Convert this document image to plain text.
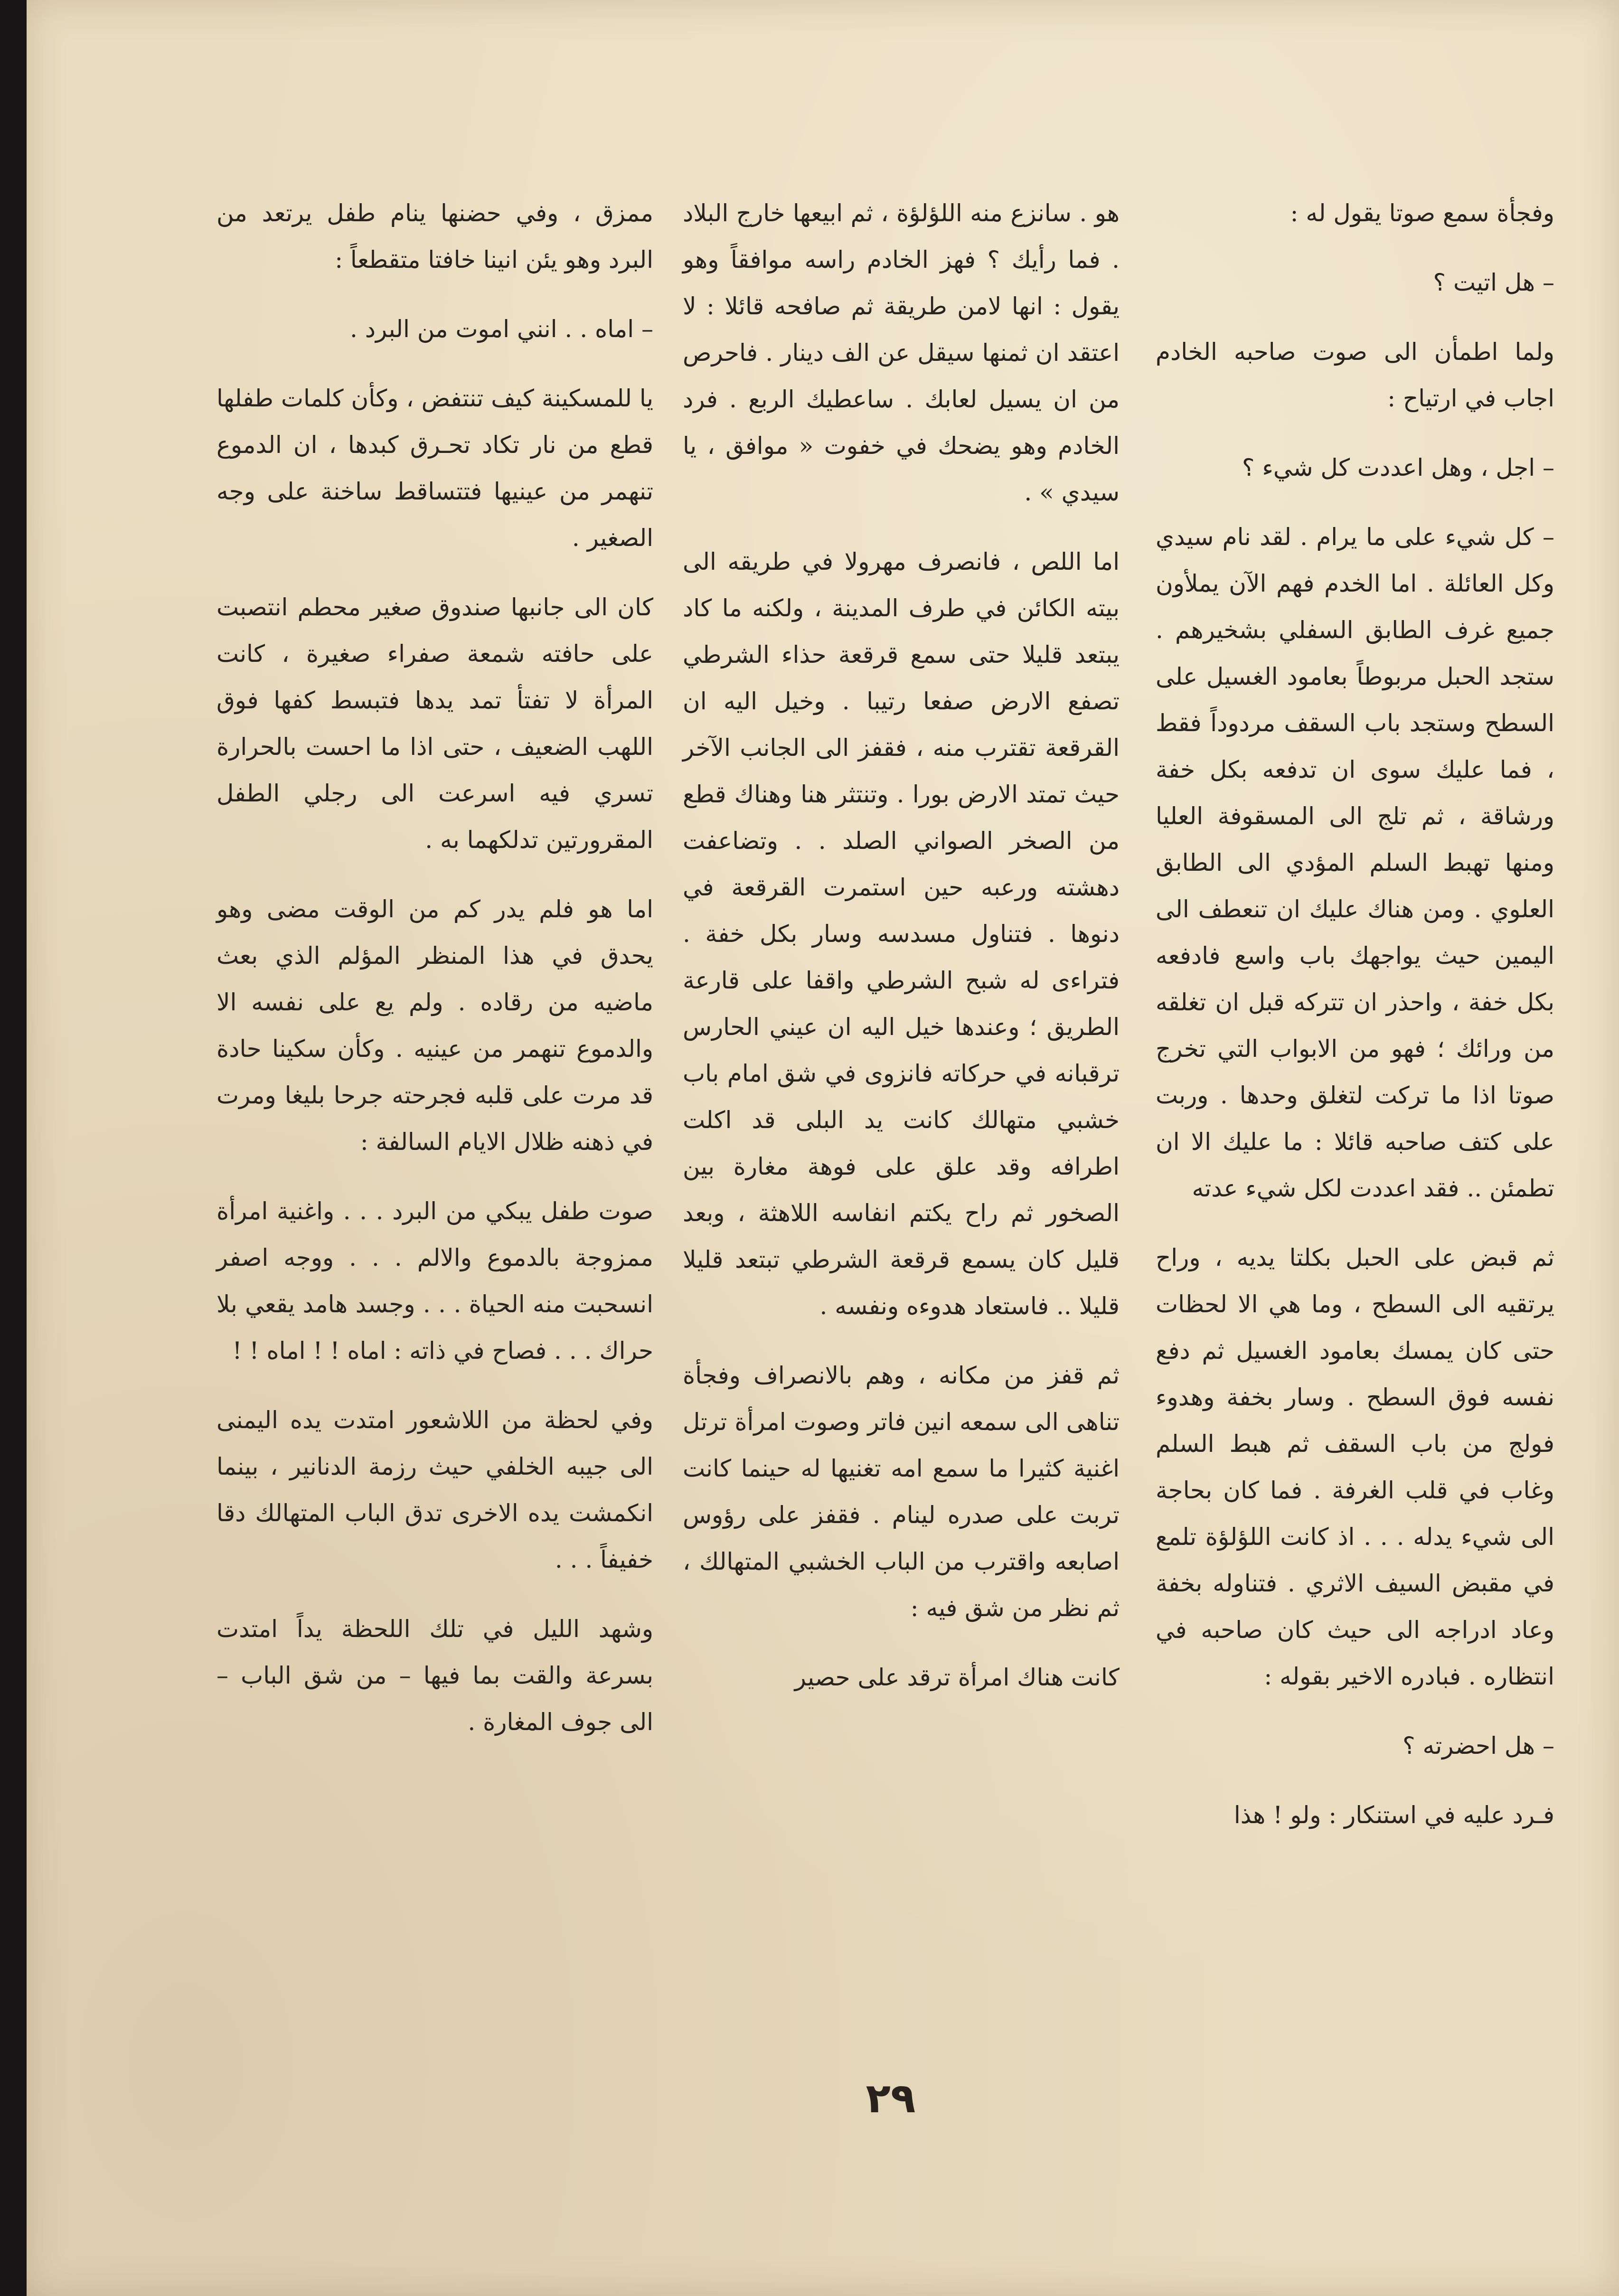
وفجأة سمع صوتا يقول له :

– هل اتيت ؟

ولما اطمأن الى صوت صاحبه الخادم اجاب في ارتياح :

– اجل ، وهل اعددت كل شيء ؟

– كل شيء على ما يرام . لقد نام سيدي وكل العائلة . اما الخدم فهم الآن يملأون جميع غرف الطابق السفلي بشخيرهم . ستجد الحبل مربوطاً بعامود الغسيل على السطح وستجد باب السقف مردوداً فقط ، فما عليك سوى ان تدفعه بكل خفة ورشاقة ، ثم تلج الى المسقوفة العليا ومنها تهبط السلم المؤدي الى الطابق العلوي . ومن هناك عليك ان تنعطف الى اليمين حيث يواجهك باب واسع فادفعه بكل خفة ، واحذر ان تتركه قبل ان تغلقه من ورائك ؛ فهو من الابواب التي تخرج صوتا اذا ما تركت لتغلق وحدها . وربت على كتف صاحبه قائلا : ما عليك الا ان تطمئن .. فقد اعددت لكل شيء عدته

ثم قبض على الحبل بكلتا يديه ، وراح يرتقيه الى السطح ، وما هي الا لحظات حتى كان يمسك بعامود الغسيل ثم دفع نفسه فوق السطح . وسار بخفة وهدوء فولج من باب السقف ثم هبط السلم وغاب في قلب الغرفة . فما كان بحاجة الى شيء يدله . . . اذ كانت اللؤلؤة تلمع في مقبض السيف الاثري . فتناوله بخفة وعاد ادراجه الى حيث كان صاحبه في انتظاره . فبادره الاخير بقوله :

– هل احضرته ؟

فـرد عليه في استنكار : ولو ! هذا

هو . سانزع منه اللؤلؤة ، ثم ابيعها خارج البلاد . فما رأيك ؟ فهز الخادم راسه موافقاً وهو يقول : انها لامن طريقة ثم صافحه قائلا : لا اعتقد ان ثمنها سيقل عن الف دينار . فاحرص من ان يسيل لعابك . ساعطيك الربع . فرد الخادم وهو يضحك في خفوت « موافق ، يا سيدي » .

اما اللص ، فانصرف مهرولا في طريقه الى بيته الكائن في طرف المدينة ، ولكنه ما كاد يبتعد قليلا حتى سمع قرقعة حذاء الشرطي تصفع الارض صفعا رتيبا . وخيل اليه ان القرقعة تقترب منه ، فقفز الى الجانب الآخر حيث تمتد الارض بورا . وتنتثر هنا وهناك قطع من الصخر الصواني الصلد . . وتضاعفت دهشته ورعبه حين استمرت القرقعة في دنوها . فتناول مسدسه وسار بكل خفة . فتراءى له شبح الشرطي واقفا على قارعة الطريق ؛ وعندها خيل اليه ان عيني الحارس ترقبانه في حركاته فانزوى في شق امام باب خشبي متهالك كانت يد البلى قد اكلت اطرافه وقد علق على فوهة مغارة بين الصخور ثم راح يكتم انفاسه اللاهثة ، وبعد قليل كان يسمع قرقعة الشرطي تبتعد قليلا قليلا .. فاستعاد هدوءه ونفسه .

ثم قفز من مكانه ، وهم بالانصراف وفجأة تناهى الى سمعه انين فاتر وصوت امرأة ترتل اغنية كثيرا ما سمع امه تغنيها له حينما كانت تربت على صدره لينام . فقفز على رؤوس اصابعه واقترب من الباب الخشبي المتهالك ، ثم نظر من شق فيه :

كانت هناك امرأة ترقد على حصير

ممزق ، وفي حضنها ينام طفل يرتعد من البرد وهو يئن انينا خافتا متقطعاً :

– اماه . . انني اموت من البرد .

يا للمسكينة كيف تنتفض ، وكأن كلمات طفلها قطع من نار تكاد تحـرق كبدها ، ان الدموع تنهمر من عينيها فتتساقط ساخنة على وجه الصغير .

كان الى جانبها صندوق صغير محطم انتصبت على حافته شمعة صفراء صغيرة ، كانت المرأة لا تفتأ تمد يدها فتبسط كفها فوق اللهب الضعيف ، حتى اذا ما احست بالحرارة تسري فيه اسرعت الى رجلي الطفل المقرورتين تدلكهما به .

اما هو فلم يدر كم من الوقت مضى وهو يحدق في هذا المنظر المؤلم الذي بعث ماضيه من رقاده . ولم يع على نفسه الا والدموع تنهمر من عينيه . وكأن سكينا حادة قد مرت على قلبه فجرحته جرحا بليغا ومرت في ذهنه ظلال الايام السالفة :

صوت طفل يبكي من البرد . . . واغنية امرأة ممزوجة بالدموع والالم . . . ووجه اصفر انسحبت منه الحياة . . . وجسد هامد يقعي بلا حراك . . . فصاح في ذاته : اماه ! ! اماه ! !

وفي لحظة من اللاشعور امتدت يده اليمنى الى جيبه الخلفي حيث رزمة الدنانير ، بينما انكمشت يده الاخرى تدق الباب المتهالك دقا خفيفاً . . .

وشهد الليل في تلك اللحظة يداً امتدت بسرعة والقت بما فيها – من شق الباب – الى جوف المغارة .

٢٩
